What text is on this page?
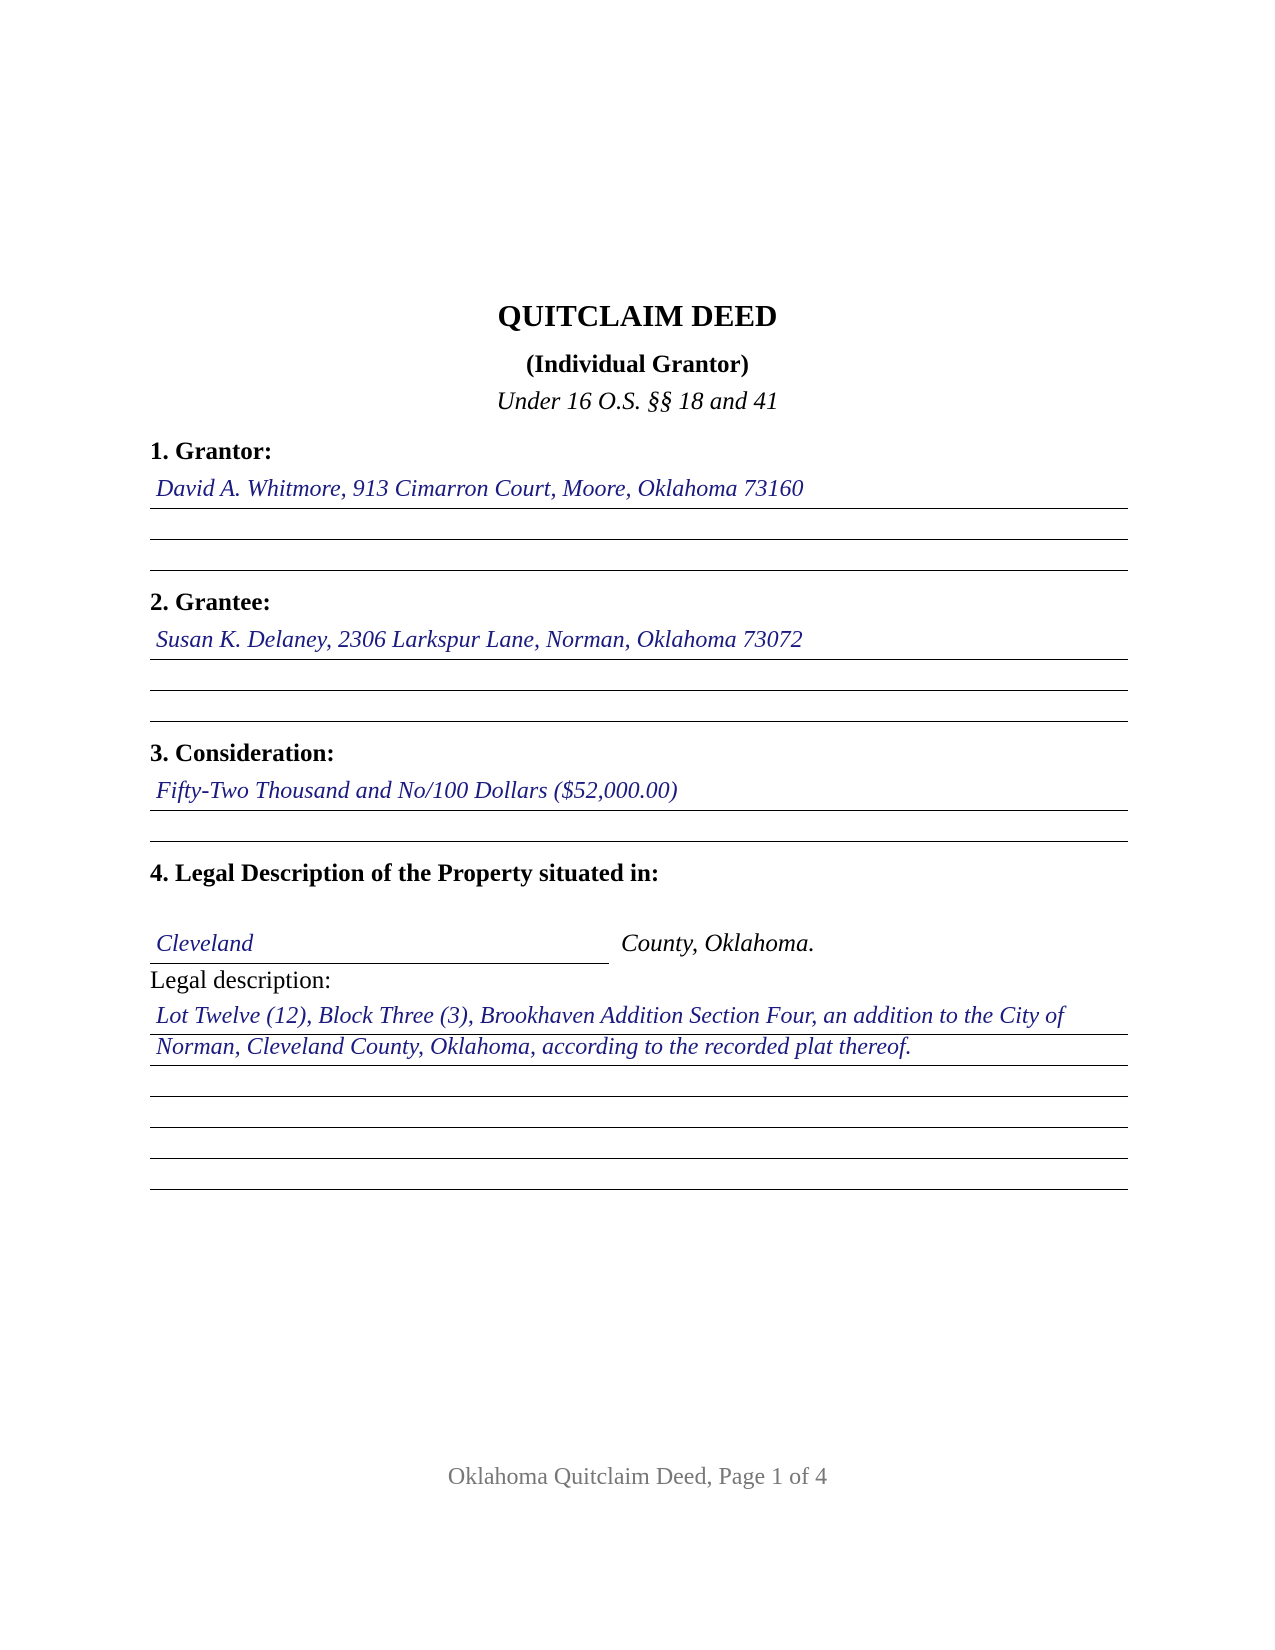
QUITCLAIM DEED
(Individual Grantor)
Under 16 O.S. §§ 18 and 41
1. Grantor:
David A. Whitmore, 913 Cimarron Court, Moore, Oklahoma 73160
2. Grantee:
Susan K. Delaney, 2306 Larkspur Lane, Norman, Oklahoma 73072
3. Consideration:
Fifty-Two Thousand and No/100 Dollars ($52,000.00)
4. Legal Description of the Property situated in:
Cleveland	County, Oklahoma.
Legal description:
Lot Twelve (12), Block Three (3), Brookhaven Addition Section Four, an addition to the City of
Norman, Cleveland County, Oklahoma, according to the recorded plat thereof.
Oklahoma Quitclaim Deed, Page 1 of 4
